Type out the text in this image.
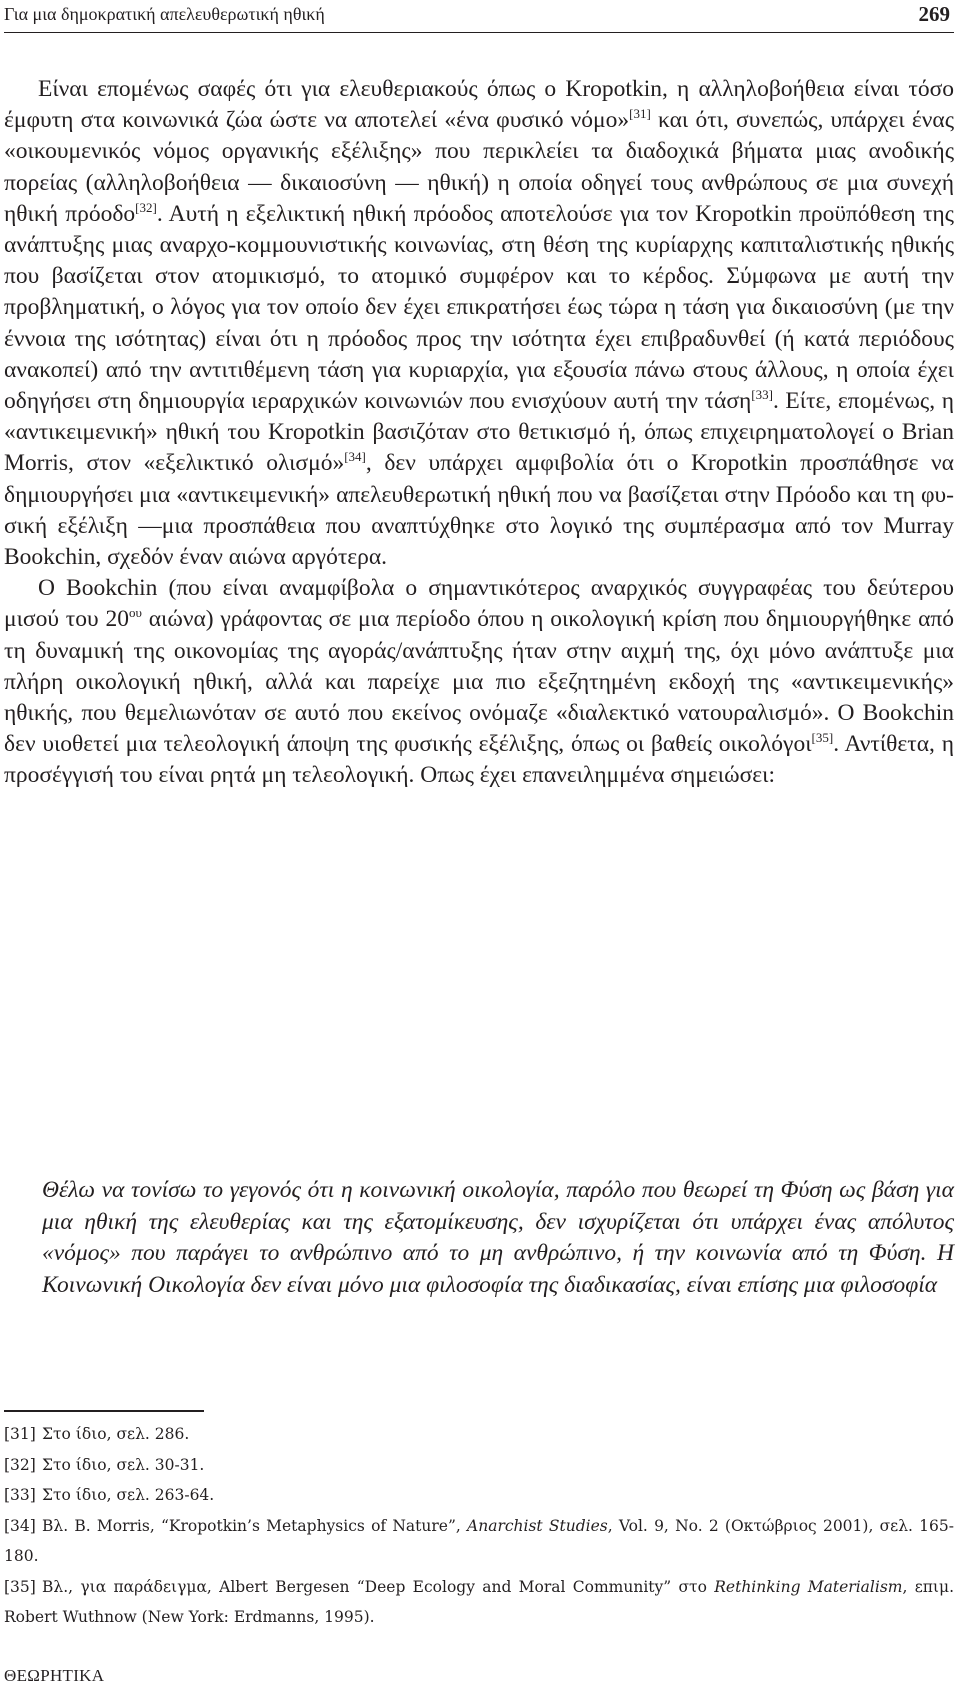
Για μια δημοκρατική απελευθερωτική ηθική	269

Είναι επομένως σαφές ότι για ελευθεριακούς όπως ο Kropotkin, η αλληλοβοήθεια είναι τόσο έμφυτη στα κοινωνικά ζώα ώστε να αποτελεί «ένα φυσικό νόμο»[31] και ότι, συνεπώς, υπάρχει ένας «οικουμενικός νόμος οργανικής εξέλιξης» που περικλείει τα διαδοχικά βήματα μιας ανοδικής πορείας (αλληλοβοήθεια — δικαιοσύνη — ηθική) η οποία οδηγεί τους ανθρώπους σε μια συνεχή ηθική πρόοδο[32]. Αυτή η εξελικτική ηθική πρόοδος αποτελούσε για τον Kropotkin προϋπόθεση της ανάπτυξης μιας αναρχο-κομμουνιστικής κοινωνίας, στη θέση της κυρίαρχης καπιταλιστικής ηθικής που βασίζεται στον ατομικισμό, το ατομικό συμφέρον και το κέρδος. Σύμφωνα με αυτή την προβληματική, ο λόγος για τον οποίο δεν έχει επικρατήσει έως τώρα η τάση για δικαιοσύνη (με την έννοια της ισότητας) είναι ότι η πρόοδος προς την ισότητα έχει επιβραδυνθεί (ή κατά περιόδους ανακοπεί) από την αντιτιθέμενη τάση για κυριαρχία, για εξουσία πάνω στους άλλους, η οποία έχει οδηγήσει στη δημιουργία ιεραρχικών κοινωνιών που ενισχύουν αυτή την τάση[33]. Είτε, επομένως, η «αντικειμενική» ηθική του Kropotkin βασιζόταν στο θετικισμό ή, όπως επιχειρηματολογεί ο Brian Morris, στον «εξελικτικό ολισμό»[34], δεν υπάρχει αμφιβολία ότι ο Kropotkin προσπάθησε να δημιουργήσει μια «αντικειμενική» απελευθερωτική ηθική που να βασίζεται στην Πρόοδο και τη φυσική εξέλιξη —μια προσπάθεια που αναπτύχθηκε στο λογικό της συμπέρασμα από τον Murray Bookchin, σχεδόν έναν αιώνα αργότερα.

Ο Bookchin (που είναι αναμφίβολα ο σημαντικότερος αναρχικός συγγραφέας του δεύτερου μισού του $20^{o\upsilon}$ αιώνα) γράφοντας σε μια περίοδο όπου η οικολογική κρίση που δημιουργήθηκε από τη δυναμική της οικονομίας της αγοράς/ανάπτυξης ήταν στην αιχμή της, όχι μόνο ανάπτυξε μια πλήρη οικολογική ηθική, αλλά και παρείχε μια πιο εξεζητημένη εκδοχή της «αντικειμενικής» ηθικής, που θεμελιωνόταν σε αυτό που εκείνος ονόμαζε «διαλεκτικό νατουραλισμό». Ο Bookchin δεν υιοθετεί μια τελεολογική άποψη της φυσικής εξέλιξης, όπως οι βαθείς οικολόγοι[35]. Αντίθετα, η προσέγγισή του είναι ρητά μη τελεολογική. Οπως έχει επανειλημμένα σημειώσει:

Θέλω να τονίσω το γεγονός ότι η κοινωνική οικολογία, παρόλο που θεωρεί τη Φύση ως βάση για μια ηθική της ελευθερίας και της εξατομίκευσης, δεν ισχυρίζεται ότι υπάρχει ένας απόλυτος «νόμος» που παράγει το ανθρώπινο από το μη ανθρώπινο, ή την κοινωνία από τη Φύση. Η Κοινωνική Οικολογία δεν είναι μόνο μια φιλοσοφία της διαδικασίας, είναι επίσης μια φιλοσοφία

[31] Στο ίδιο, σελ. 286.

[32] Στο ίδιο, σελ. 30-31.

[33] Στο ίδιο, σελ. 263-64.

[34] Βλ. B. Morris, “Kropotkin’s Metaphysics of Nature”, Anarchist Studies, Vol. 9, No. 2 (Οκτώβριος 2001), σελ. 165-180.

[35] Βλ., για παράδειγμα, Albert Bergesen “Deep Ecology and Moral Community” στο Rethinking Materialism, επιμ. Robert Wuthnow (New York: Erdmanns, 1995).

ΘΕΩΡΗΤΙΚΑ
